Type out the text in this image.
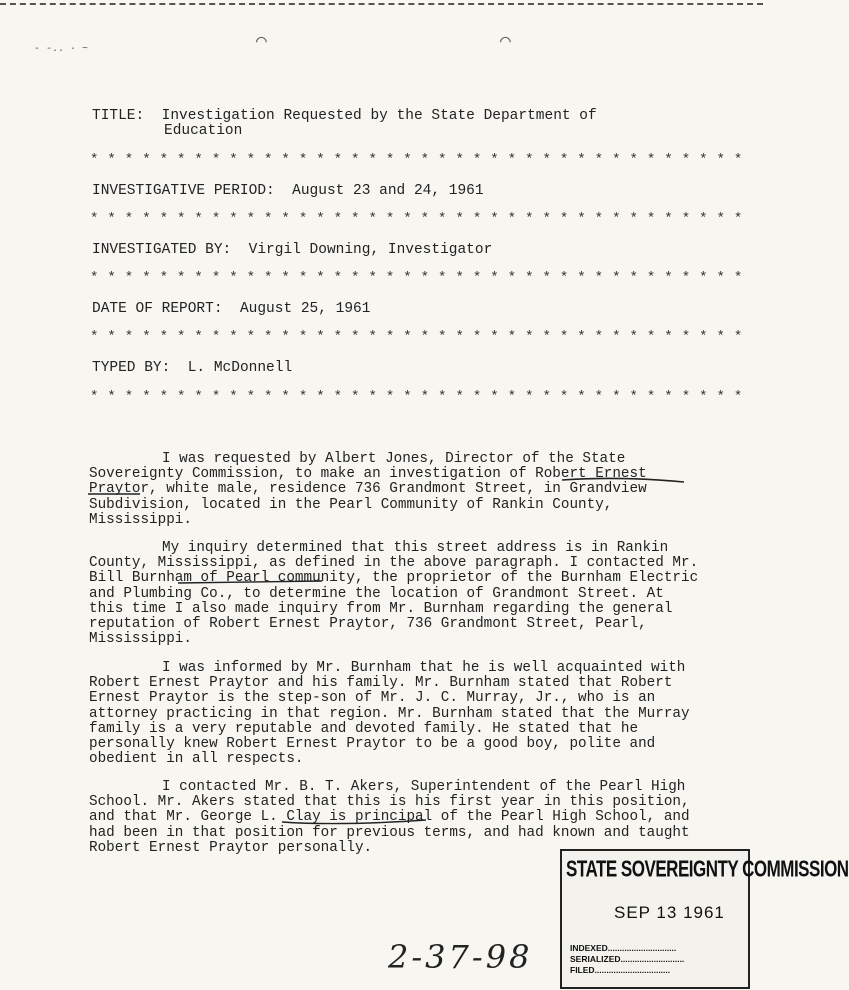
- -.. · ~	⌒	⌒
TITLE: Investigation Requested by the State Department of
Education
* * * * * * * * * * * * * * * * * * * * * * * * * * * * * * * * * * * * * *
INVESTIGATIVE PERIOD: August 23 and 24, 1961
* * * * * * * * * * * * * * * * * * * * * * * * * * * * * * * * * * * * * *
INVESTIGATED BY: Virgil Downing, Investigator
* * * * * * * * * * * * * * * * * * * * * * * * * * * * * * * * * * * * * *
DATE OF REPORT: August 25, 1961
* * * * * * * * * * * * * * * * * * * * * * * * * * * * * * * * * * * * * *
TYPED BY: L. McDonnell
* * * * * * * * * * * * * * * * * * * * * * * * * * * * * * * * * * * * * *

I was requested by Albert Jones, Director of the State Sovereignty Commission, to make an investigation of Robert Ernest Praytor, white male, residence 736 Grandmont Street, in Grandview Subdivision, located in the Pearl Community of Rankin County, Mississippi.

My inquiry determined that this street address is in Rankin County, Mississippi, as defined in the above paragraph. I contacted Mr. Bill Burnham of Pearl community, the proprietor of the Burnham Electric and Plumbing Co., to determine the location of Grandmont Street. At this time I also made inquiry from Mr. Burnham regarding the general reputation of Robert Ernest Praytor, 736 Grandmont Street, Pearl, Mississippi.

I was informed by Mr. Burnham that he is well acquainted with Robert Ernest Praytor and his family. Mr. Burnham stated that Robert Ernest Praytor is the step-son of Mr. J. C. Murray, Jr., who is an attorney practicing in that region. Mr. Burnham stated that the Murray family is a very reputable and devoted family. He stated that he personally knew Robert Ernest Praytor to be a good boy, polite and obedient in all respects.

I contacted Mr. B. T. Akers, Superintendent of the Pearl High School. Mr. Akers stated that this is his first year in this position, and that Mr. George L. Clay is principal of the Pearl High School, and had been in that position for previous terms, and had known and taught Robert Ernest Praytor personally.

STATE SOVEREIGNTY COMMISSION
SEP 13 1961
INDEXED.............................
SERIALIZED...........................
FILED................................
2-37-98
